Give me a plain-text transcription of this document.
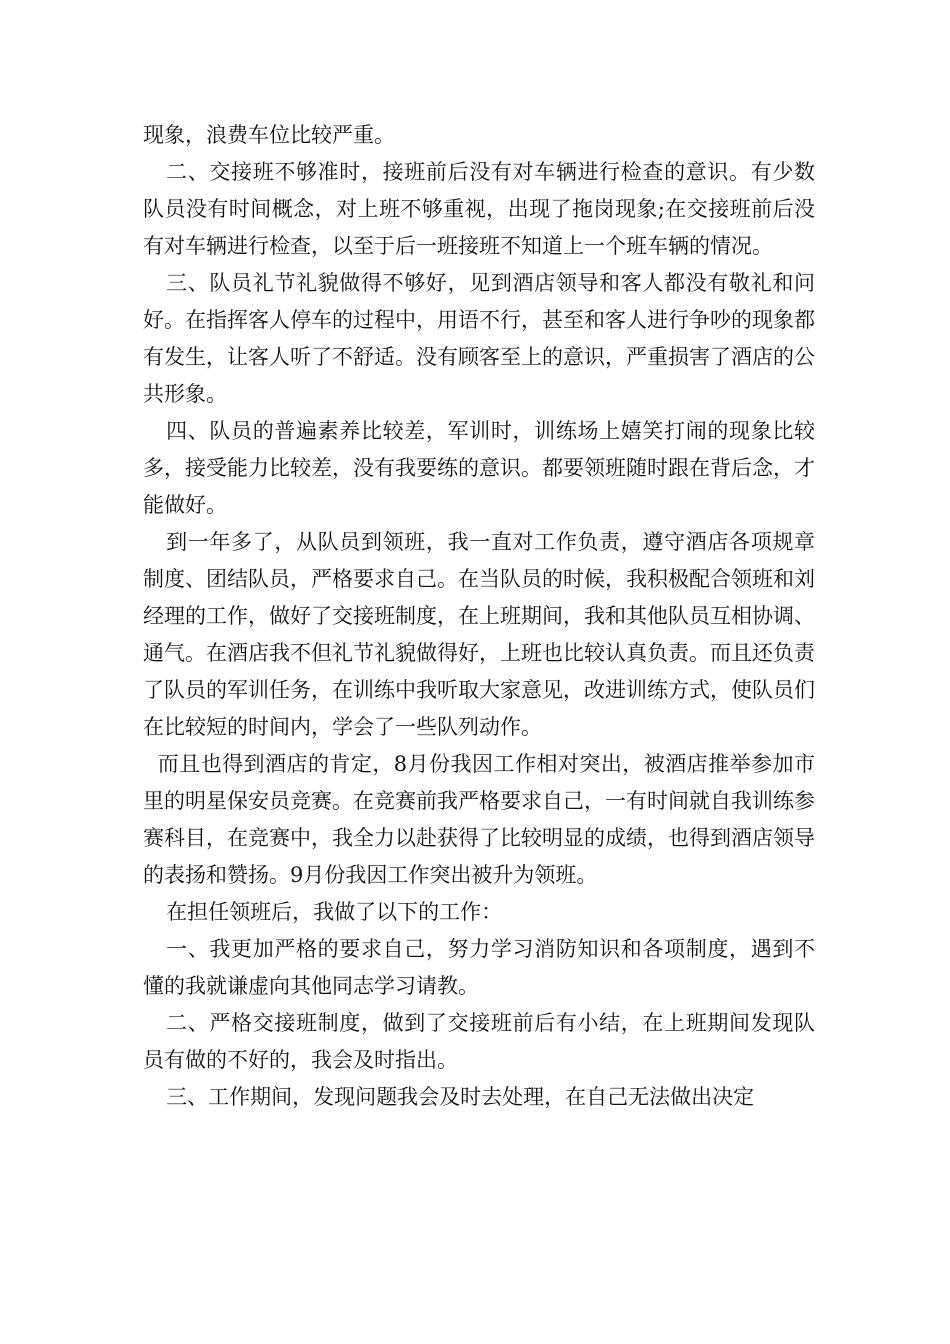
现象，浪费车位比较严重。

二、交接班不够准时，接班前后没有对车辆进行检查的意识。有少数队员没有时间概念，对上班不够重视，出现了拖岗现象;在交接班前后没有对车辆进行检查，以至于后一班接班不知道上一个班车辆的情况。

三、队员礼节礼貌做得不够好，见到酒店领导和客人都没有敬礼和问好。在指挥客人停车的过程中，用语不行，甚至和客人进行争吵的现象都有发生，让客人听了不舒适。没有顾客至上的意识，严重损害了酒店的公共形象。

四、队员的普遍素养比较差，军训时，训练场上嬉笑打闹的现象比较多，接受能力比较差，没有我要练的意识。都要领班随时跟在背后念，才能做好。

到一年多了，从队员到领班，我一直对工作负责，遵守酒店各项规章制度、团结队员，严格要求自己。在当队员的时候，我积极配合领班和刘经理的工作，做好了交接班制度，在上班期间，我和其他队员互相协调、通气。在酒店我不但礼节礼貌做得好，上班也比较认真负责。而且还负责了队员的军训任务，在训练中我听取大家意见，改进训练方式，使队员们在比较短的时间内，学会了一些队列动作。

而且也得到酒店的肯定，8月份我因工作相对突出，被酒店推举参加市里的明星保安员竞赛。在竞赛前我严格要求自己，一有时间就自我训练参赛科目，在竞赛中，我全力以赴获得了比较明显的成绩，也得到酒店领导的表扬和赞扬。9月份我因工作突出被升为领班。

在担任领班后，我做了以下的工作：

一、我更加严格的要求自己，努力学习消防知识和各项制度，遇到不懂的我就谦虚向其他同志学习请教。

二、严格交接班制度，做到了交接班前后有小结，在上班期间发现队员有做的不好的，我会及时指出。

三、工作期间，发现问题我会及时去处理，在自己无法做出决定
